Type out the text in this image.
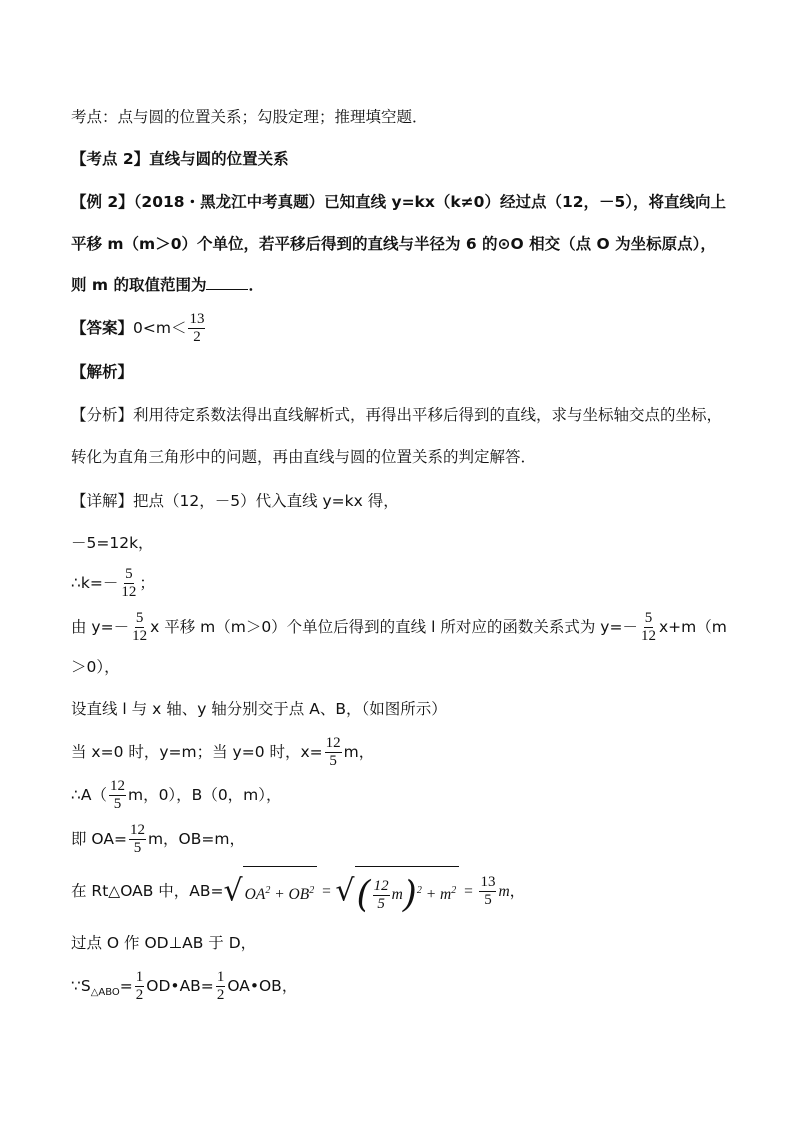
考点：点与圆的位置关系；勾股定理；推理填空题．
【考点 2】直线与圆的位置关系
【例 2】（2018・黑龙江中考真题）已知直线 y=kx（k≠0）经过点（12，－5），将直线向上
平移 m（m＞0）个单位，若平移后得到的直线与半径为 6 的⊙O 相交（点 O 为坐标原点），
则 m 的取值范围为	．
【答案】$0<m< \frac{13}{2}$
【解析】
【分析】利用待定系数法得出直线解析式，再得出平移后得到的直线，求与坐标轴交点的坐标，
转化为直角三角形中的问题，再由直线与圆的位置关系的判定解答．
【详解】把点（12，－5）代入直线 y=kx 得，
－5=12k，
∴k=－ $\frac{5}{12}$ ；
由 $y=- \frac{5}{12}$ x 平移 m（m＞0）个单位后得到的直线 l 所对应的函数关系式为 $y=- \frac{5}{12} x+m(m$
＞0），
设直线 l 与 x 轴、y 轴分别交于点 A、B，（如图所示）
当 x=0 时，y=m；当 y=0 时，$x= \frac{12}{5}$ m，
∴A（ $\frac{12}{5}$ m，0），B（0，m），
即 $OA= \frac{12}{5}$ m，OB=m，
在 Rt△OAB 中，AB=√ $OA^2 + OB^2$ = √( $\frac{12}{5} m)^2 + m^2 = \frac{13}{5}$ m，
过点 O 作 OD⊥AB 于 D，
$\because S_{\triangle ABO}= \frac{1}{2}$ OD•AB= $\frac{1}{2}$ OA•OB，
